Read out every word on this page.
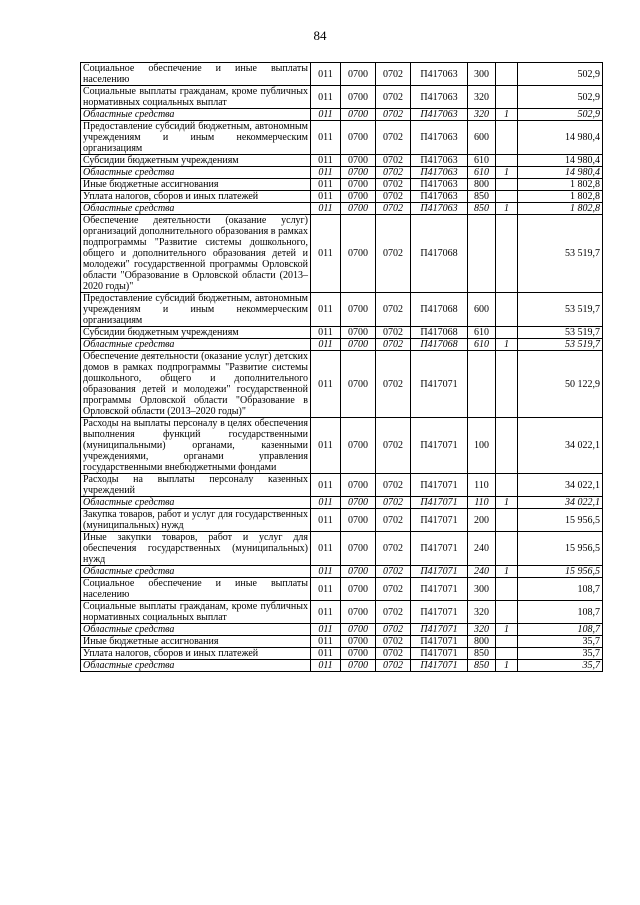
84
Социальное обеспечение и иные выплаты населению	011	0700	0702	П417063	300		502,9
Социальные выплаты гражданам, кроме публичных нормативных социальных выплат	011	0700	0702	П417063	320		502,9
Областные средства	011	0700	0702	П417063	320	1	502,9
Предоставление субсидий бюджетным, автономным учреждениям и иным некоммерческим организациям	011	0700	0702	П417063	600		14 980,4
Субсидии бюджетным учреждениям	011	0700	0702	П417063	610		14 980,4
Областные средства	011	0700	0702	П417063	610	1	14 980,4
Иные бюджетные ассигнования	011	0700	0702	П417063	800		1 802,8
Уплата налогов, сборов и иных платежей	011	0700	0702	П417063	850		1 802,8
Областные средства	011	0700	0702	П417063	850	1	1 802,8
Обеспечение деятельности (оказание услуг) организаций дополнительного образования в рамках подпрограммы "Развитие системы дошкольного, общего и дополнительного образования детей и молодежи" государственной программы Орловской области "Образование в Орловской области (2013–2020 годы)"	011	0700	0702	П417068			53 519,7
Предоставление субсидий бюджетным, автономным учреждениям и иным некоммерческим организациям	011	0700	0702	П417068	600		53 519,7
Субсидии бюджетным учреждениям	011	0700	0702	П417068	610		53 519,7
Областные средства	011	0700	0702	П417068	610	1	53 519,7
Обеспечение деятельности (оказание услуг) детских домов в рамках подпрограммы "Развитие системы дошкольного, общего и дополнительного образования детей и молодежи" государственной программы Орловской области "Образование в Орловской области (2013–2020 годы)"	011	0700	0702	П417071			50 122,9
Расходы на выплаты персоналу в целях обеспечения выполнения функций государственными (муниципальными) органами, казенными учреждениями, органами управления государственными внебюджетными фондами	011	0700	0702	П417071	100		34 022,1
Расходы на выплаты персоналу казенных учреждений	011	0700	0702	П417071	110		34 022,1
Областные средства	011	0700	0702	П417071	110	1	34 022,1
Закупка товаров, работ и услуг для государственных (муниципальных) нужд	011	0700	0702	П417071	200		15 956,5
Иные закупки товаров, работ и услуг для обеспечения государственных (муниципальных) нужд	011	0700	0702	П417071	240		15 956,5
Областные средства	011	0700	0702	П417071	240	1	15 956,5
Социальное обеспечение и иные выплаты населению	011	0700	0702	П417071	300		108,7
Социальные выплаты гражданам, кроме публичных нормативных социальных выплат	011	0700	0702	П417071	320		108,7
Областные средства	011	0700	0702	П417071	320	1	108,7
Иные бюджетные ассигнования	011	0700	0702	П417071	800		35,7
Уплата налогов, сборов и иных платежей	011	0700	0702	П417071	850		35,7
Областные средства	011	0700	0702	П417071	850	1	35,7
